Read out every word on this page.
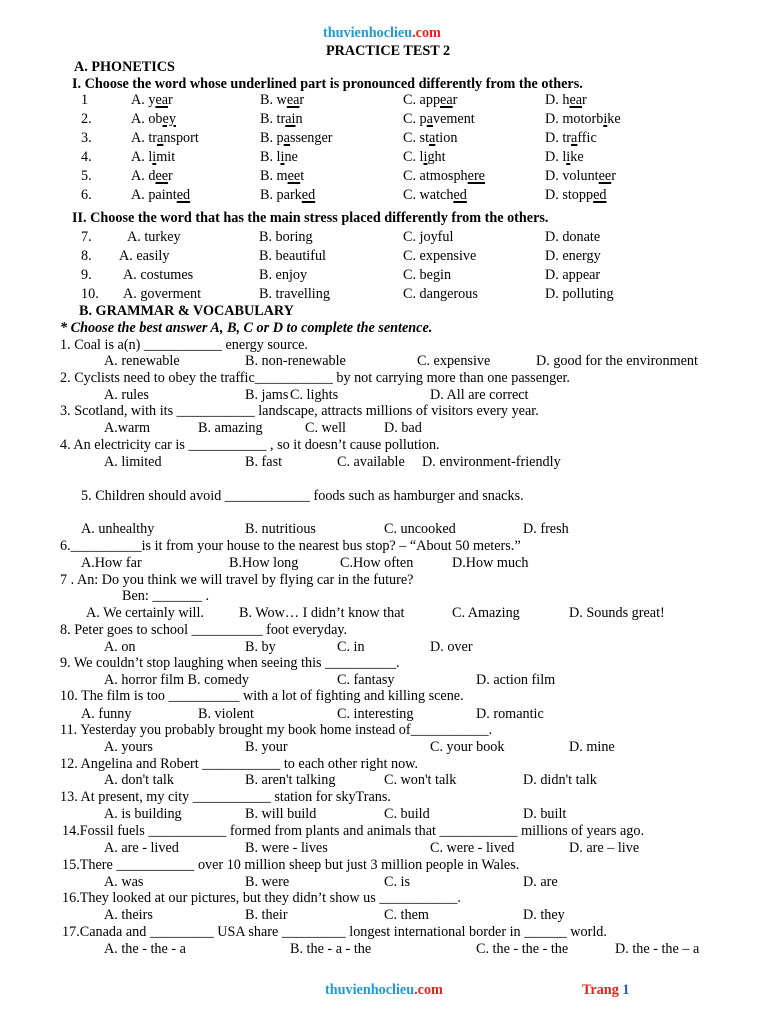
thuvienhoclieu.com
PRACTICE TEST 2
A. PHONETICS
I. Choose the word whose underlined part is pronounced differently from the others.
1	A. year	B. wear	C. appear	D. hear
2.	A. obey	B. train	C. pavement	D. motorbike
3.	A. transport	B. passenger	C. station	D. traffic
4.	A. limit	B. line	C. light	D. like
5.	A. deer	B. meet	C. atmosphere	D. volunteer
6.	A. painted	B. parked	C. watched	D. stopped
II. Choose the word that has the main stress placed differently from the others.
7. A. turkey	B. boring	C. joyful	D. donate
8. A. easily	B. beautiful	C. expensive	D. energy
9. A. costumes	B. enjoy	C. begin	D. appear
10. A. goverment	B. travelling	C. dangerous	D. polluting
B. GRAMMAR & VOCABULARY
* Choose the best answer A, B, C or D to complete the sentence.
1. Coal is a(n) ___________ energy source.
A. renewable	B. non-renewable	C. expensive	D. good for the environment
2. Cyclists need to obey the traffic___________ by not carrying more than one passenger.
A. rules	B. jams C. lights	D. All are correct
3. Scotland, with its ___________ landscape, attracts millions of visitors every year.
A.warm	B. amazing	C. well	D. bad
4. An electricity car is ___________ , so it doesn’t cause pollution.
A. limited	B. fast	C. available D. environment-friendly
5. Children should avoid ____________ foods such as hamburger and snacks.
A. unhealthy	B. nutritious	C. uncooked	D. fresh
6.__________is it from your house to the nearest bus stop? – “About 50 meters.”
A.How far	B.How long	C.How often	D.How much
7 . An: Do you think we will travel by flying car in the future?
Ben: _______ .
A. We certainly will. B. Wow… I didn’t know that	C. Amazing	D. Sounds great!
8. Peter goes to school __________ foot everyday.
A. on	B. by	C. in	D. over
9. We couldn’t stop laughing when seeing this __________.
A. horror film B. comedy	C. fantasy	D. action film
10. The film is too __________ with a lot of fighting and killing scene.
A. funny	B. violent	C. interesting	D. romantic
11. Yesterday you probably brought my book home instead of___________.
A. yours	B. your	C. your book	D. mine
12. Angelina and Robert ___________ to each other right now.
A. don't talk	B. aren't talking	C. won't talk	D. didn't talk
13. At present, my city ___________ station for skyTrans.
A. is building	B. will build	C. build	D. built
14.Fossil fuels ___________ formed from plants and animals that ___________ millions of years ago.
A. are - lived	B. were - lives	C. were - lived	D. are – live
15.There ___________ over 10 million sheep but just 3 million people in Wales.
A. was	B. were	C. is	D. are
16.They looked at our pictures, but they didn’t show us ___________.
A. theirs	B. their	C. them	D. they
17.Canada and _________ USA share _________ longest international border in ______ world.
A. the - the - a	B. the - a - the	C. the - the - the	D. the - the – a
thuvienhoclieu.com	Trang 1
